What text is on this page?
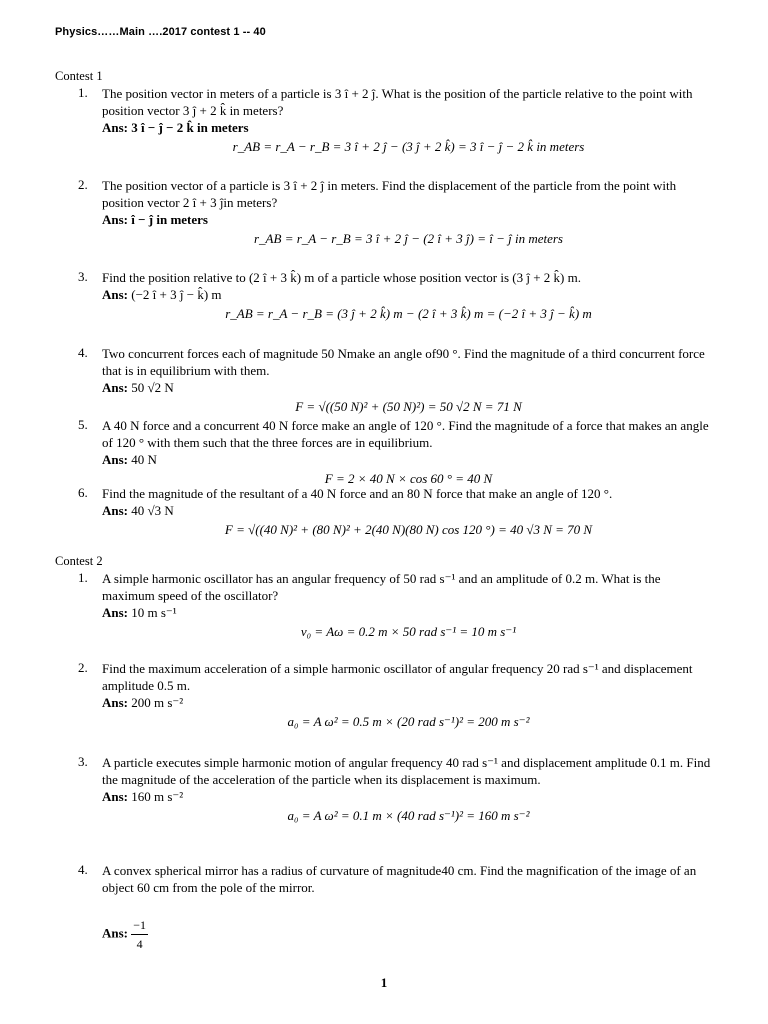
Physics……Main ….2017 contest 1 -- 40
Contest 1
1.	The position vector in meters of a particle is 3 î + 2 ĵ. What is the position of the particle relative to the point with position vector 3 ĵ + 2 k̂ in meters?
Ans: 3 î − ĵ − 2 k̂ in meters
r_AB = r_A − r_B = 3 î + 2 ĵ − (3 ĵ + 2 k̂) = 3 î − ĵ − 2 k̂ in meters
2.	The position vector of a particle is 3 î + 2 ĵ in meters. Find the displacement of the particle from the point with position vector 2 î + 3 ĵin meters?
Ans: î − ĵ in meters
r_AB = r_A − r_B = 3 î + 2 ĵ − (2 î + 3 ĵ) = î − ĵ in meters
3.	Find the position relative to (2 î + 3 k̂) m of a particle whose position vector is (3 ĵ + 2 k̂) m.
Ans: (−2 î + 3 ĵ − k̂) m
r_AB = r_A − r_B = (3 ĵ + 2 k̂) m − (2 î + 3 k̂) m = (−2 î + 3 ĵ − k̂) m
4.	Two concurrent forces each of magnitude 50 Nmake an angle of90 °. Find the magnitude of a third concurrent force that is in equilibrium with them.
Ans: 50 √2 N
F = √((50 N)² + (50 N)²) = 50 √2 N = 71 N
5.	A 40 N force and a concurrent 40 N force make an angle of 120 °. Find the magnitude of a force that makes an angle of 120 ° with them such that the three forces are in equilibrium.
Ans: 40 N
F = 2 × 40 N × cos 60 ° = 40 N
6.	Find the magnitude of the resultant of a 40 N force and an 80 N force that make an angle of 120 °.
Ans: 40 √3 N
F = √((40 N)² + (80 N)² + 2(40 N)(80 N) cos 120 °) = 40 √3 N = 70 N
Contest 2
1.	A simple harmonic oscillator has an angular frequency of 50 rad s⁻¹ and an amplitude of 0.2 m. What is the maximum speed of the oscillator?
Ans: 10 m s⁻¹
v₀ = Aω = 0.2 m × 50 rad s⁻¹ = 10 m s⁻¹
2.	Find the maximum acceleration of a simple harmonic oscillator of angular frequency 20 rad s⁻¹ and displacement amplitude 0.5 m.
Ans: 200 m s⁻²
a₀ = A ω² = 0.5 m × (20 rad s⁻¹)² = 200 m s⁻²
3.	A particle executes simple harmonic motion of angular frequency 40 rad s⁻¹ and displacement amplitude 0.1 m. Find the magnitude of the acceleration of the particle when its displacement is maximum.
Ans: 160 m s⁻²
a₀ = A ω² = 0.1 m × (40 rad s⁻¹)² = 160 m s⁻²
4.	A convex spherical mirror has a radius of curvature of magnitude40 cm. Find the magnification of the image of an object 60 cm from the pole of the mirror.
Ans: $\frac{-1}{4}$
1
